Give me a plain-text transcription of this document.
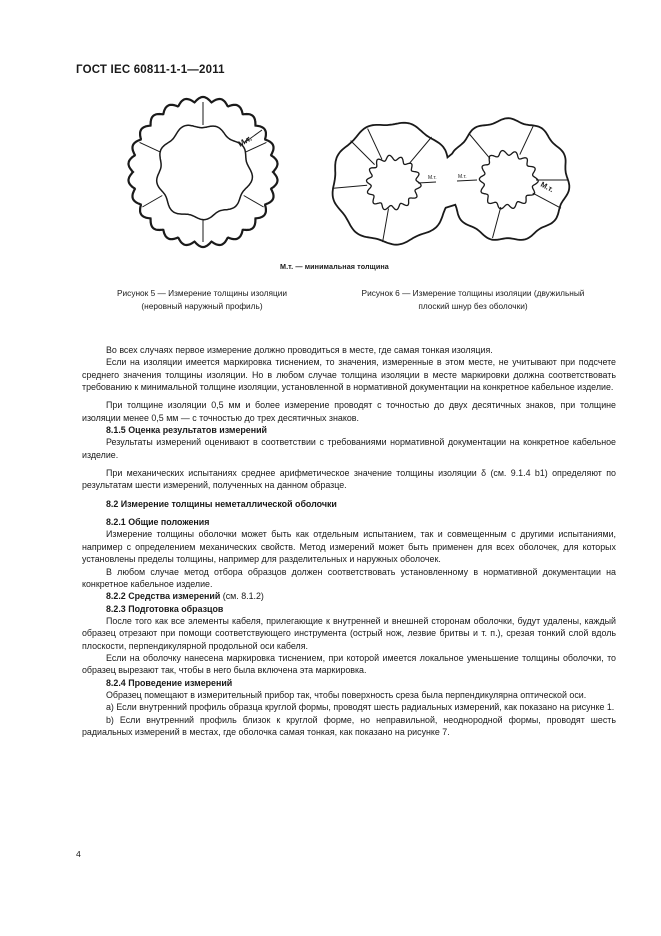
ГОСТ IEC 60811-1-1—2011
М.т.
М.т.
М.т.	М.т.
М.т. — минимальная толщина
Рисунок 5 — Измерение толщины изоляции
(неровный наружный профиль)
Рисунок 6 — Измерение толщины изоляции (двужильный
плоский шнур без оболочки)

Во всех случаях первое измерение должно проводиться в месте, где самая тонкая изоляция.

Если на изоляции имеется маркировка тиснением, то значения, измеренные в этом месте, не учитывают при подсчете среднего значения толщины изоляции. Но в любом случае толщина изоляции в месте маркировки должна соответствовать требованию к минимальной толщине изоляции, установленной в нормативной документации на конкретное кабельное изделие.

При толщине изоляции 0,5 мм и более измерение проводят с точностью до двух десятичных знаков, при толщине изоляции менее 0,5 мм — с точностью до трех десятичных знаков.

8.1.5 Оценка результатов измерений

Результаты измерений оценивают в соответствии с требованиями нормативной документации на конкретное кабельное изделие.

При механических испытаниях среднее арифметическое значение толщины изоляции δ (см. 9.1.4 b1) определяют по результатам шести измерений, полученных на данном образце.

8.2 Измерение толщины неметаллической оболочки

8.2.1 Общие положения

Измерение толщины оболочки может быть как отдельным испытанием, так и совмещенным с другими испытаниями, например с определением механических свойств. Метод измерений может быть применен для всех оболочек, для которых установлены пределы толщины, например для разделительных и наружных оболочек.

В любом случае метод отбора образцов должен соответствовать установленному в нормативной документации на конкретное кабельное изделие.

8.2.2 Средства измерений (см. 8.1.2)

8.2.3 Подготовка образцов

После того как все элементы кабеля, прилегающие к внутренней и внешней сторонам оболочки, будут удалены, каждый образец отрезают при помощи соответствующего инструмента (острый нож, лезвие бритвы и т. п.), срезая тонкий слой вдоль плоскости, перпендикулярной продольной оси кабеля.

Если на оболочку нанесена маркировка тиснением, при которой имеется локальное уменьшение толщины оболочки, то образец вырезают так, чтобы в него была включена эта маркировка.

8.2.4 Проведение измерений

Образец помещают в измерительный прибор так, чтобы поверхность среза была перпендикулярна оптической оси.

a) Если внутренний профиль образца круглой формы, проводят шесть радиальных измерений, как показано на рисунке 1.

b) Если внутренний профиль близок к круглой форме, но неправильной, неоднородной формы, проводят шесть радиальных измерений в местах, где оболочка самая тонкая, как показано на рисунке 7.

4
